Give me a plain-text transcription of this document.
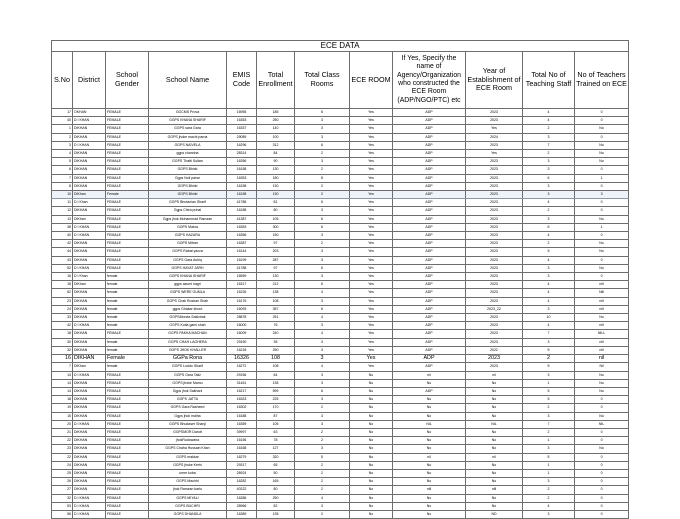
ECE DATA											
S.No	District	School Gender	School Name	EMIS Code	Total Enrollment	Total Class Rooms	ECE ROOM	If Yes, Specify the name of Agency/Organization who constructed the ECE Room (ADP/NGO/PTC) etc	Year of Establishment of ECE Room	Total No of Teaching Staff	No of Teachers Trained on ECE
17	OKHAN	FEMALE	GGCMS Prova	16955	185	6	Yes	ADP	2023	4	0
40	D I KHAN	FEMALE	GGPS KHANA SHARIF	16353	250	3	Yes	ADP	2023	4	0
1	DIKHAN	FEMALE	GGPS sara Gara	16337	140	3	Yes	ADP	Yes	2	No
2	DIKHAN	FEMALE	GGPS jhoke machi parna	29089	100	3	Yes	ADP	2024	3	0
3	D I KHAN	FEMALE	GGPS NAIVELA	16296	312	6	Yes	ADP	2023	7	No
4	DIKHAN	FEMALE	ggps chandna	28314	84	2	Yes	ADP	Yes	2	No
5	DIKHAN	FEMALE	GGPS Thatti Sultan	16356	90	3	Yes	ADP	2023	3	No
6	DIKHAN	FEMALE	GGPS Bhirki	16158	130	2	Yes	ADP	2023	3	0
7	DIKHAN	FEMALE	Ggps Noil parse	16353	180	8	Yes	ADP	2023	6	1
8	DIKHAN	FEMALE	GGPS Bhirki	16158	130	2	Yes	ADP	2023	3	0
10	DIKhan	Female	GGPS Bhirki	16158	130	2	Yes	ADP	2023	3	3
11	D I Khan	FEMALE	GGPS Bhutanian Sharif	41786	81	6	Yes	ADP	2023	4	0
12	DIKHAN	FEMALE	Ggps Chira puhal	16188	80	3	Yes	ADP	2023	2	0
13	DIKhan	FEMALE	Ggps jhok Muhammad Ramzan	41387	105	6	Yes	ADP	2023	3	No
38	D I KHAN	FEMALE	GGPS Makra	16353	300	6	Yes	ADP	2023	6	1
40	D I KHAN	FEMALE	GGPS HAZARA	16356	150	3	Yes	ADP	2023	4	0
42	DIKHAN	FEMALE	GGPS Mitran	16387	97	2	Yes	ADP	2023	2	No
44	DIKHAN	FEMALE	GGPS Rabat yacca	16144	203	3	Yes	ADP	2023	5	No
43	DIKHAN	FEMALE	GGPS Gara Ashiq	16199	287	3	Yes	ADP	2023	4	0
52	D I KHAN	FEMALE	GGPS HAYAT JARH	41788	97	6	Yes	ADP	2023	3	No
16	D I Khan	female	GGPS KHANA SHARIF	16559	130	3	Yes	ADP	2023	3	0
18	DIKhan	female	ggps azumi nagri	16317	212	6	Yes	ADP	2023	4	nill
62	DIKHAN	female	GGPS WERE GUMLA	16226	138	4	Yes	ADP	2023	4	Nill
23	DIKHAN	female	GGPS Chak Roshan Shah	16176	108	3	Yes	ADP	2023	4	nill
24	DIKHAN	female	ggps Ghakar khurd	16093	357	6	Yes	ADP	2023_22	3	nill
33	DIKHAN	female	GGPSMonda Sakichak	28878	251	4	Yes	ADP	2023	10	No
42	D I KHAN	female	GGPS Kotla gami shah	16000	76	3	Yes	ADP	2023	4	nill
18	DIKHAN	FEMALE	GGPS PAKKA MACHAN	16009	240	4	Yes	ADP	2023	7	NILL
30	DIKHAN	female	GGPS CHAH LAGHERA	29150	35	3	Yes	ADP	2023	3	nill
32	DIKHAN	female	GGPS JHOK KHALLER	16218	250	3	Yes	ADP	2022	5	nill
16	DIKHAN	Female	GGPa Rona	16326	108	3	Yes	ADP	2023	2	nil
7	DIKhan	female	GGPS Luddo Sharif	16272	108	4	Yes	ADP	2023	5	Nil
13	D I KHAN	FEMALE	GGPS Gara Taliz	29156	64	3	No	nil	nil	3	No
14	DIKHAN	FEMALE	GGPS jhoke Mamu	31461	135	3	No	No	No	1	No
14	DIKHAN	FEMALE	Ggps jhok Sakhani	16217	599	6	No	ADP	No	5	No
18	DIKHAN	FEMALE	GGPS JATTA	16323	225	3	No	No	No	5	0
19	DIKHAN	FEMALE	GGPS Gara Rasheed	16302	170	2	No	No	No	2	0
15	DIKHAN	FEMALE	Ggps jhok malha	16188	87	3	No	No	No	3	No
20	D I KHAN	FEMALE	GGPS Bhudaser Shanji	16359	105	3	No	NIL	NIL	7	NIL
21	DIKHAN	FEMALE	GGPSMOR Darott	39997	63	2	No	No	No	2	0
22	DIKHAN	FEMALE	jhokRudowana	16156	78	2	No	No	No	1	0
23	DIKHAN	FEMALE	GGPS Chaha Hussain Khan	16168	127	3	No	No	No	3	No
22	DIKHAN	FEMALE	GGPS makkar	16279	320	5	No	nil	nil	5	0
24	DIKHAN	FEMALE	GGPS jhoke Kerhi	29317	65	2	No	No	No	1	0
25	DIKHAN	FEMALE	umer koba	28924	50	2	No	No	No	1	0
26	DIKHAN	FEMALE	GGPS Machhi	16282	165	2	No	No	No	3	0
27	DIKHAN	FEMALE	jhok Ramzan karlu	40222	80	2	No	nill	nill	2	0
32	D I KHAN	FEMALE	GGPS MIYALI	16286	250	4	No	No	No	2	0
53	D I KHAN	FEMALE	GGPS BUCHRI	28966	82	3	No	No	No	4	0
56	D I KHAN	FEMALE	GGPS DHANDLA	16389	135	2	No	No	ND	3	0
